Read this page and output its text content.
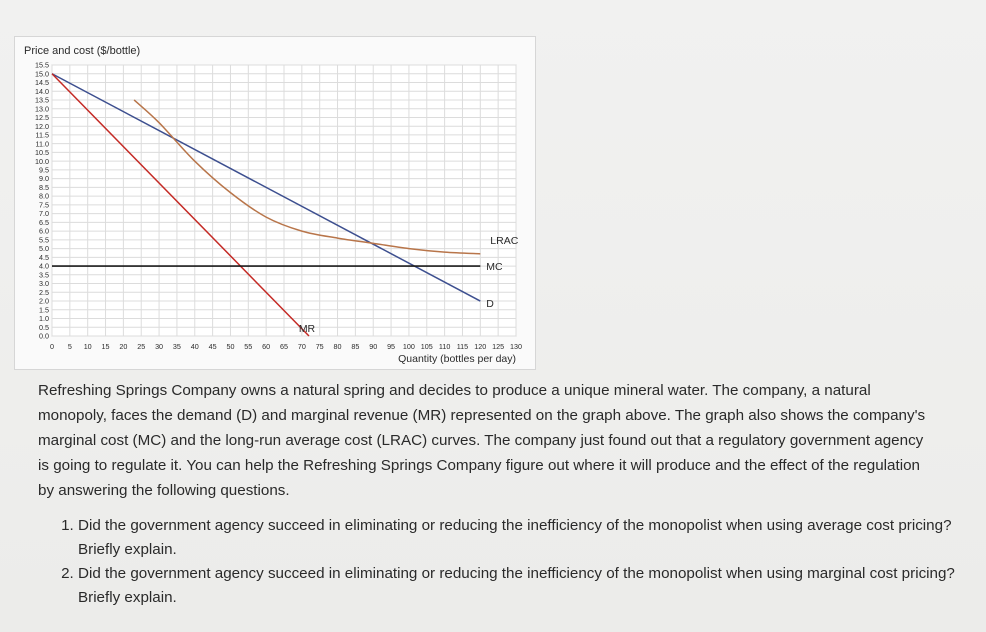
Price and cost ($/bottle)
0 5 10 15 20 25 30 35 40 45 50 55 60 65 70 75 80 85 90 95 100 105 110 115 120 125 130
15.5
15.0
14.5
14.0
13.5
13.0
12.5
12.0
11.5
11.0
10.5
10.0
9.5
9.0
8.5
8.0
7.5
7.0
6.5
6.0
5.5
5.0
4.5
4.0
3.5
3.0
2.5
2.0
1.5
1.0
0.5
0.0
D
MR
MC
LRAC
Quantity (bottles per day)
Refreshing Springs Company owns a natural spring and decides to produce a unique mineral water. The company, a natural monopoly, faces the demand (D) and marginal revenue (MR) represented on the graph above. The graph also shows the company's marginal cost (MC) and the long-run average cost (LRAC) curves. The company just found out that a regulatory government agency is going to regulate it. You can help the Refreshing Springs Company figure out where it will produce and the effect of the regulation by answering the following questions.
1. Did the government agency succeed in eliminating or reducing the inefficiency of the monopolist when using average cost pricing? Briefly explain.
2. Did the government agency succeed in eliminating or reducing the inefficiency of the monopolist when using marginal cost pricing? Briefly explain.
